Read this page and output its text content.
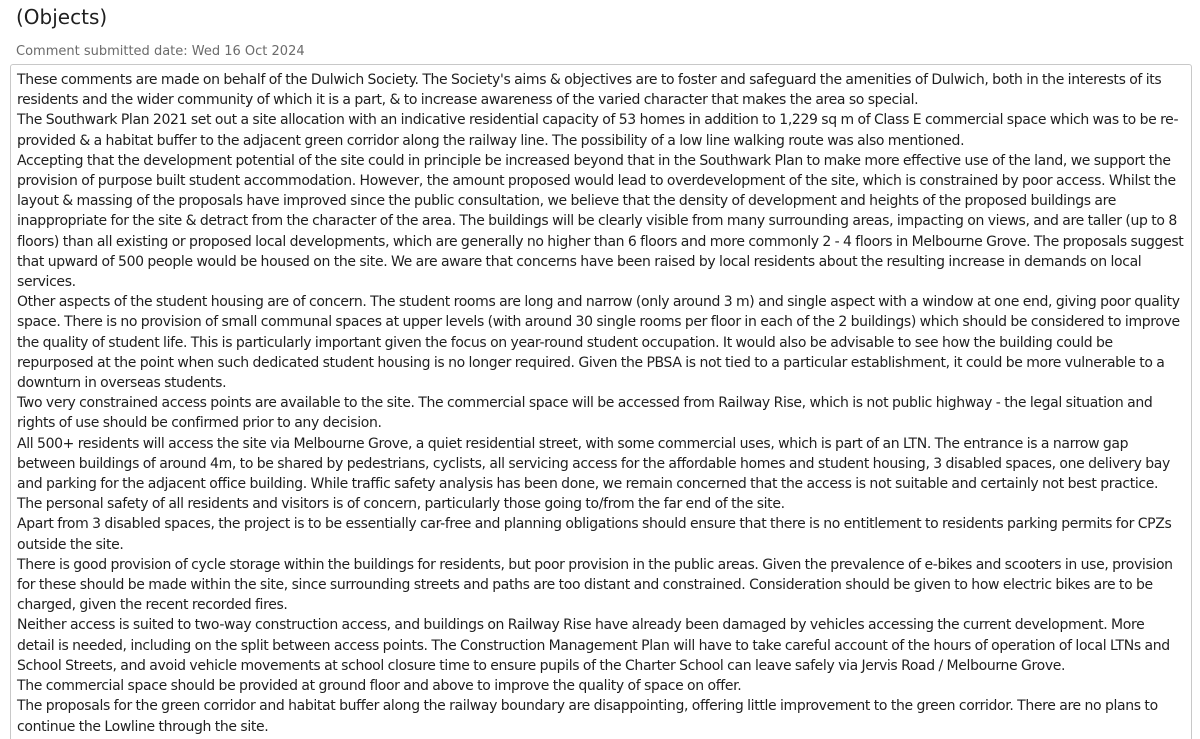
(Objects)
Comment submitted date: Wed 16 Oct 2024

These comments are made on behalf of the Dulwich Society. The Society's aims & objectives are to foster and safeguard the amenities of Dulwich, both in the interests of its residents and the wider community of which it is a part, & to increase awareness of the varied character that makes the area so special.

The Southwark Plan 2021 set out a site allocation with an indicative residential capacity of 53 homes in addition to 1,229 sq m of Class E commercial space which was to be re-provided & a habitat buffer to the adjacent green corridor along the railway line. The possibility of a low line walking route was also mentioned.

Accepting that the development potential of the site could in principle be increased beyond that in the Southwark Plan to make more effective use of the land, we support the provision of purpose built student accommodation. However, the amount proposed would lead to overdevelopment of the site, which is constrained by poor access. Whilst the layout & massing of the proposals have improved since the public consultation, we believe that the density of development and heights of the proposed buildings are inappropriate for the site & detract from the character of the area. The buildings will be clearly visible from many surrounding areas, impacting on views, and are taller (up to 8 floors) than all existing or proposed local developments, which are generally no higher than 6 floors and more commonly 2 - 4 floors in Melbourne Grove. The proposals suggest that upward of 500 people would be housed on the site. We are aware that concerns have been raised by local residents about the resulting increase in demands on local services.

Other aspects of the student housing are of concern. The student rooms are long and narrow (only around 3 m) and single aspect with a window at one end, giving poor quality space. There is no provision of small communal spaces at upper levels (with around 30 single rooms per floor in each of the 2 buildings) which should be considered to improve the quality of student life. This is particularly important given the focus on year-round student occupation. It would also be advisable to see how the building could be repurposed at the point when such dedicated student housing is no longer required. Given the PBSA is not tied to a particular establishment, it could be more vulnerable to a downturn in overseas students.

Two very constrained access points are available to the site. The commercial space will be accessed from Railway Rise, which is not public highway - the legal situation and rights of use should be confirmed prior to any decision.

All 500+ residents will access the site via Melbourne Grove, a quiet residential street, with some commercial uses, which is part of an LTN. The entrance is a narrow gap between buildings of around 4m, to be shared by pedestrians, cyclists, all servicing access for the affordable homes and student housing, 3 disabled spaces, one delivery bay and parking for the adjacent office building. While traffic safety analysis has been done, we remain concerned that the access is not suitable and certainly not best practice. The personal safety of all residents and visitors is of concern, particularly those going to/from the far end of the site.

Apart from 3 disabled spaces, the project is to be essentially car-free and planning obligations should ensure that there is no entitlement to residents parking permits for CPZs outside the site.

There is good provision of cycle storage within the buildings for residents, but poor provision in the public areas. Given the prevalence of e-bikes and scooters in use, provision for these should be made within the site, since surrounding streets and paths are too distant and constrained. Consideration should be given to how electric bikes are to be charged, given the recent recorded fires.

Neither access is suited to two-way construction access, and buildings on Railway Rise have already been damaged by vehicles accessing the current development. More detail is needed, including on the split between access points. The Construction Management Plan will have to take careful account of the hours of operation of local LTNs and School Streets, and avoid vehicle movements at school closure time to ensure pupils of the Charter School can leave safely via Jervis Road / Melbourne Grove.

The commercial space should be provided at ground floor and above to improve the quality of space on offer.

The proposals for the green corridor and habitat buffer along the railway boundary are disappointing, offering little improvement to the green corridor. There are no plans to continue the Lowline through the site.
